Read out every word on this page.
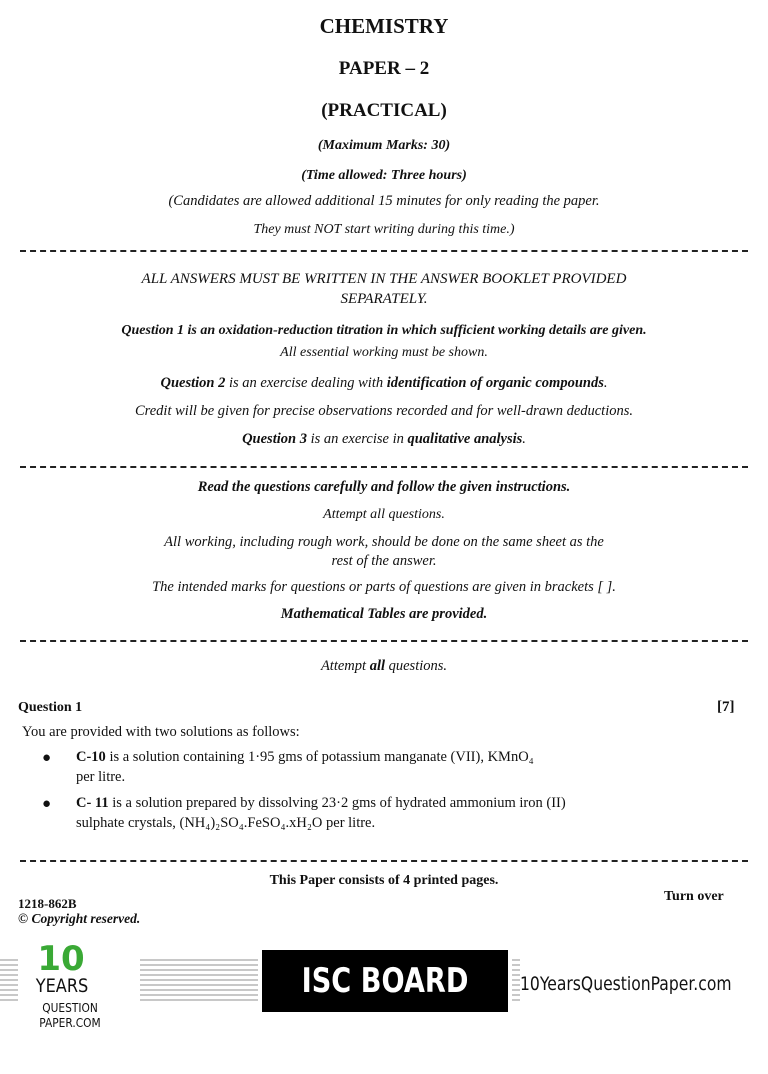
CHEMISTRY
PAPER – 2
(PRACTICAL)
(Maximum Marks: 30)
(Time allowed: Three hours)
(Candidates are allowed additional 15 minutes for only reading the paper.
They must NOT start writing during this time.)
ALL ANSWERS MUST BE WRITTEN IN THE ANSWER BOOKLET PROVIDED
SEPARATELY.
Question 1 is an oxidation-reduction titration in which sufficient working details are given.
All essential working must be shown.
Question 2 is an exercise dealing with identification of organic compounds.
Credit will be given for precise observations recorded and for well-drawn deductions.
Question 3 is an exercise in qualitative analysis.
Read the questions carefully and follow the given instructions.
Attempt all questions.
All working, including rough work, should be done on the same sheet as the
rest of the answer.
The intended marks for questions or parts of questions are given in brackets [ ].
Mathematical Tables are provided.
Attempt all questions.
Question 1	[7]
You are provided with two solutions as follows:
● C-10 is a solution containing 1·95 gms of potassium manganate (VII), KMnO₄
per litre.
● C- 11 is a solution prepared by dissolving 23·2 gms of hydrated ammonium iron (II)
sulphate crystals, (NH₄)₂SO₄.FeSO₄.xH₂O per litre.
This Paper consists of 4 printed pages.
1218-862B	Turn over
© Copyright reserved.
10
YEARS
QUESTION PAPER.COM
ISC BOARD XII
10YearsQuestionPaper.com
